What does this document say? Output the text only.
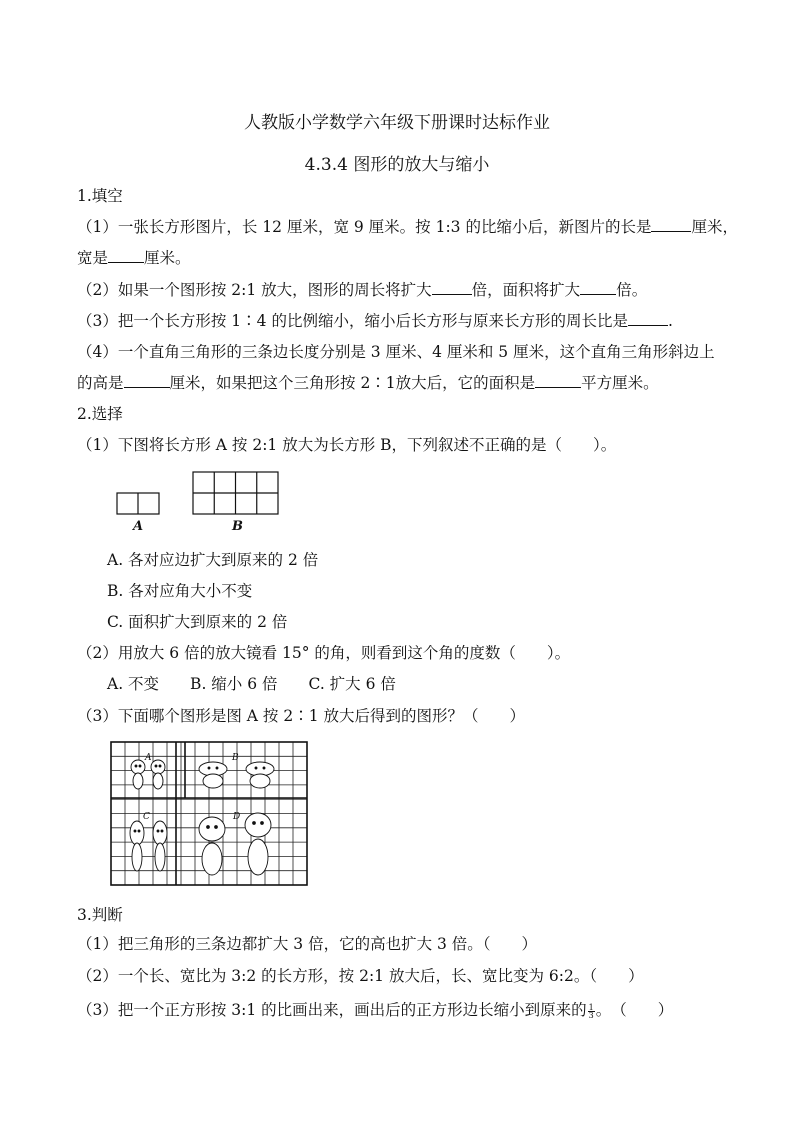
人教版小学数学六年级下册课时达标作业
4.3.4 图形的放大与缩小
1.填空
（1）一张长方形图片，长 12 厘米，宽 9 厘米。按 1:3 的比缩小后，新图片的长是	厘米，
宽是 厘米。
（2）如果一个图形按 2:1 放大，图形的周长将扩大	倍，面积将扩大 倍。
（3）把一个长方形按 1∶4 的比例缩小，缩小后长方形与原来长方形的周长比是	.
（4）一个直角三角形的三条边长度分别是 3 厘米、4 厘米和 5 厘米，这个直角三角形斜边上
的高是	厘米，如果把这个三角形按 2∶1放大后，它的面积是	平方厘米。
2.选择
（1）下图将长方形 A 按 2:1 放大为长方形 B，下列叙述不正确的是（　　）。
A	B
A. 各对应边扩大到原来的 2 倍
B. 各对应角大小不变
C. 面积扩大到原来的 2 倍
（2）用放大 6 倍的放大镜看 15° 的角，则看到这个角的度数（　　）。
A. 不变　　B. 缩小 6 倍　　C. 扩大 6 倍
（3）下面哪个图形是图 A 按 2∶1 放大后得到的图形？（　　）
A	B
C	D
3.判断
（1）把三角形的三条边都扩大 3 倍，它的高也扩大 3 倍。（　　）
（2）一个长、宽比为 3:2 的长方形，按 2:1 放大后，长、宽比变为 6:2。（　　）
（3）把一个正方形按 3:1 的比画出来，画出后的正方形边长缩小到原来的 $\frac{1}{3}$ 。　（　　）
